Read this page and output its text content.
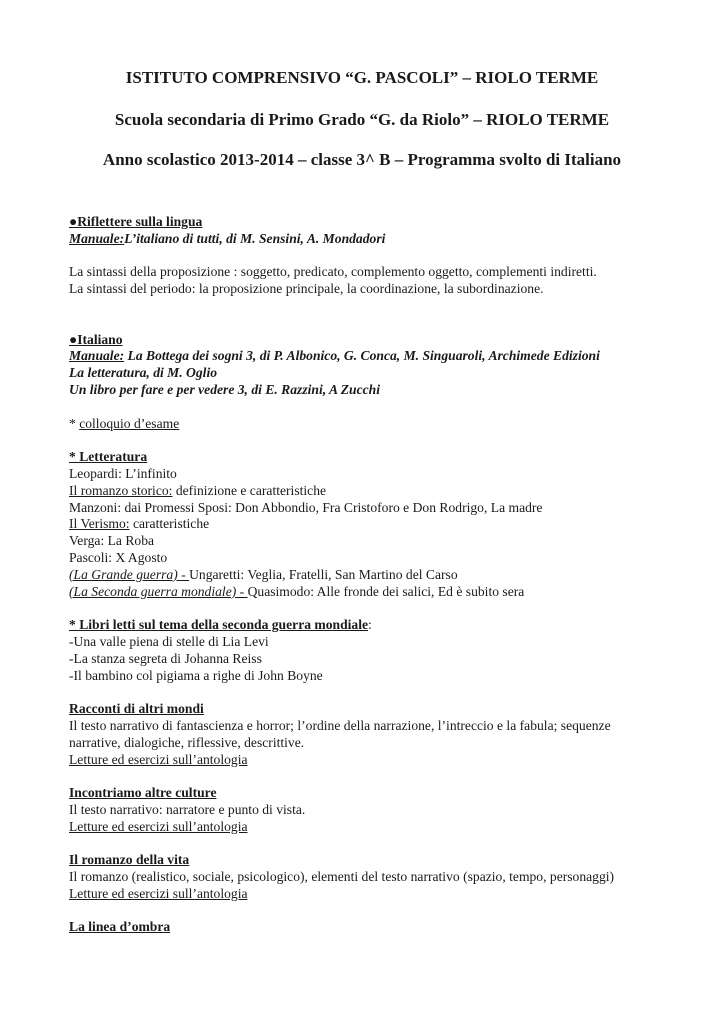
ISTITUTO COMPRENSIVO “G. PASCOLI” – RIOLO TERME
Scuola secondaria di Primo Grado “G. da Riolo” – RIOLO TERME
Anno scolastico 2013-2014 – classe 3^ B – Programma svolto di Italiano

●Riflettere sulla lingua

Manuale:L’italiano di tutti, di M. Sensini, A. Mondadori

La sintassi della proposizione : soggetto, predicato, complemento oggetto, complementi indiretti.

La sintassi del periodo: la proposizione principale, la coordinazione, la subordinazione.

●Italiano

Manuale: La Bottega dei sogni 3, di P. Albonico, G. Conca, M. Singuaroli, Archimede Edizioni

La letteratura, di M. Oglio

Un libro per fare e per vedere 3, di E. Razzini, A Zucchi

* colloquio d’esame

* Letteratura

Leopardi: L’infinito

Il romanzo storico: definizione e caratteristiche

Manzoni: dai Promessi Sposi: Don Abbondio, Fra Cristoforo e Don Rodrigo, La madre

Il Verismo: caratteristiche

Verga: La Roba

Pascoli: X Agosto

(La Grande guerra) - Ungaretti: Veglia, Fratelli, San Martino del Carso

(La Seconda guerra mondiale) - Quasimodo: Alle fronde dei salici, Ed è subito sera

* Libri letti sul tema della seconda guerra mondiale:

-Una valle piena di stelle di Lia Levi

-La stanza segreta di Johanna Reiss

-Il bambino col pigiama a righe di John Boyne

Racconti di altri mondi

Il testo narrativo di fantascienza e horror; l’ordine della narrazione, l’intreccio e la fabula; sequenze

narrative, dialogiche, riflessive, descrittive.

Letture ed esercizi sull’antologia

Incontriamo altre culture

Il testo narrativo: narratore e punto di vista.

Letture ed esercizi sull’antologia

Il romanzo della vita

Il romanzo (realistico, sociale, psicologico), elementi del testo narrativo (spazio, tempo, personaggi)

Letture ed esercizi sull’antologia

La linea d’ombra
